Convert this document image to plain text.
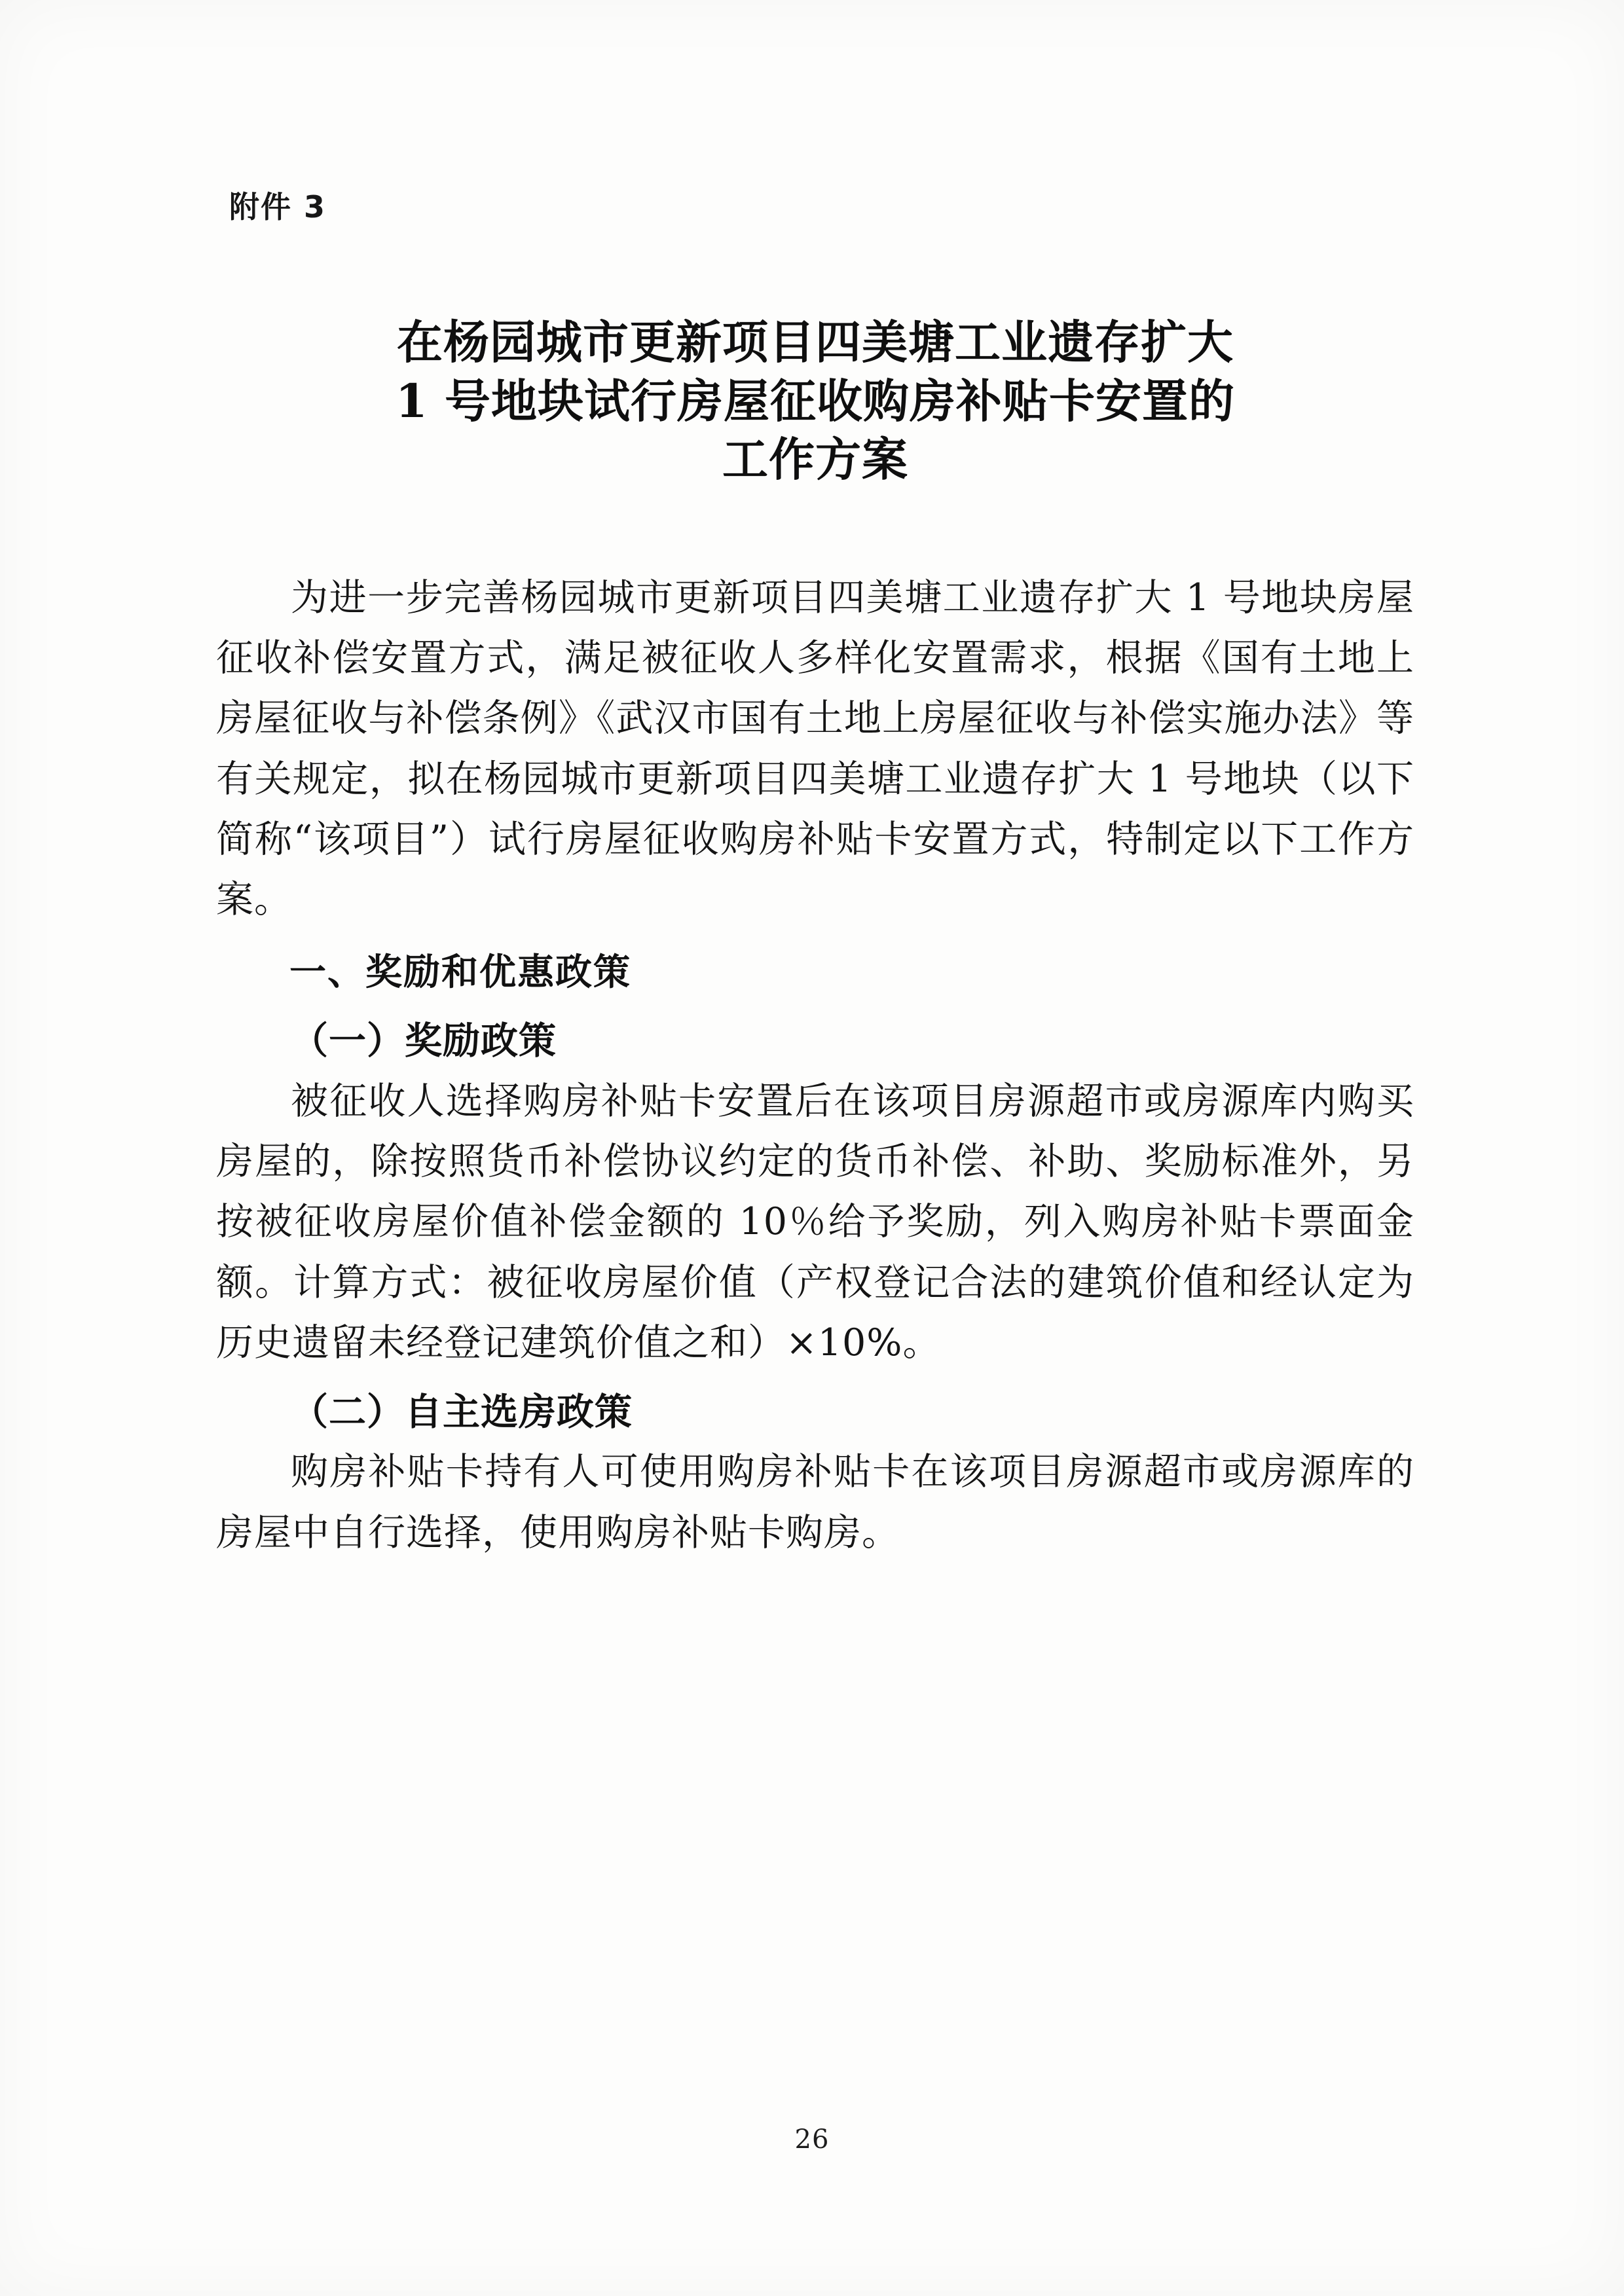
附件 3
在杨园城市更新项目四美塘工业遗存扩大
1 号地块试行房屋征收购房补贴卡安置的
工作方案

为进一步完善杨园城市更新项目四美塘工业遗存扩大 1 号地块房屋征收补偿安置方式，满足被征收人多样化安置需求，根据《国有土地上房屋征收与补偿条例》《武汉市国有土地上房屋征收与补偿实施办法》等有关规定，拟在杨园城市更新项目四美塘工业遗存扩大 1 号地块（以下简称“该项目”）试行房屋征收购房补贴卡安置方式，特制定以下工作方案。

一、奖励和优惠政策

（一）奖励政策

被征收人选择购房补贴卡安置后在该项目房源超市或房源库内购买房屋的，除按照货币补偿协议约定的货币补偿、补助、奖励标准外，另按被征收房屋价值补偿金额的 10％给予奖励，列入购房补贴卡票面金额。计算方式：被征收房屋价值（产权登记合法的建筑价值和经认定为历史遗留未经登记建筑价值之和）×10%。

（二）自主选房政策

购房补贴卡持有人可使用购房补贴卡在该项目房源超市或房源库的房屋中自行选择，使用购房补贴卡购房。

26
